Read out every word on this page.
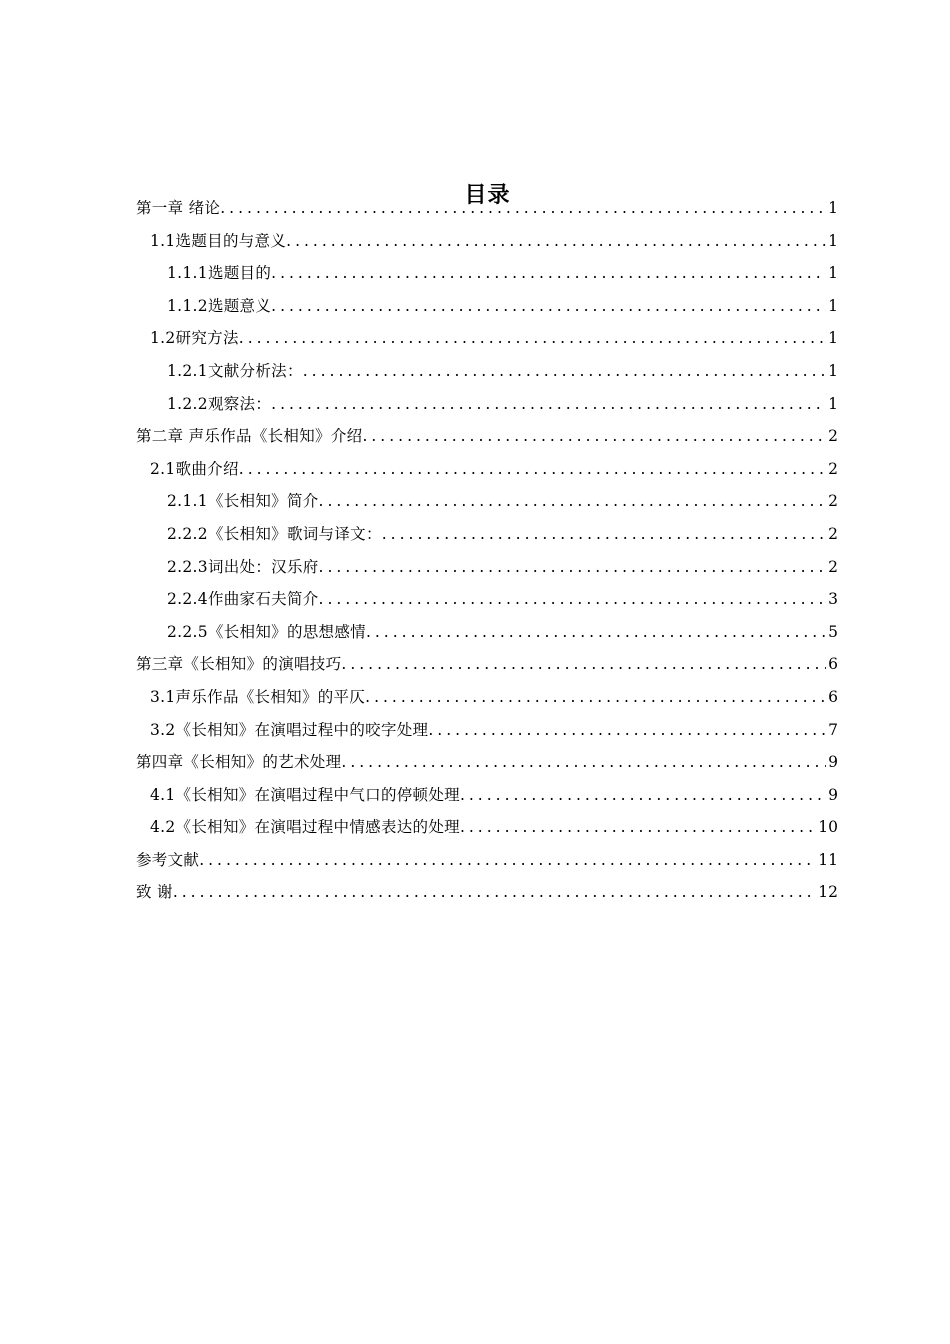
目录
第一章 绪论 .....	1
1.1选题目的与意义 .....	1
1.1.1选题目的 .....	1
1.1.2选题意义 .....	1
1.2研究方法 .....	1
1.2.1文献分析法： .....	1
1.2.2观察法： .....	1
第二章 声乐作品《长相知》介绍 .....	2
2.1歌曲介绍 .....	2
2.1.1《长相知》简介 .....	2
2.2.2《长相知》歌词与译文： .....	2
2.2.3词出处：汉乐府 .....	2
2.2.4作曲家石夫简介 .....	3
2.2.5《长相知》的思想感情 .....	5
第三章《长相知》的演唱技巧 .....	6
3.1声乐作品《长相知》的平仄 .....	6
3.2《长相知》在演唱过程中的咬字处理 .....	7
第四章《长相知》的艺术处理 .....	9
4.1《长相知》在演唱过程中气口的停顿处理 .....	9
4.2《长相知》在演唱过程中情感表达的处理 .....	10
参考文献 .....	11
致 谢 .....	12
